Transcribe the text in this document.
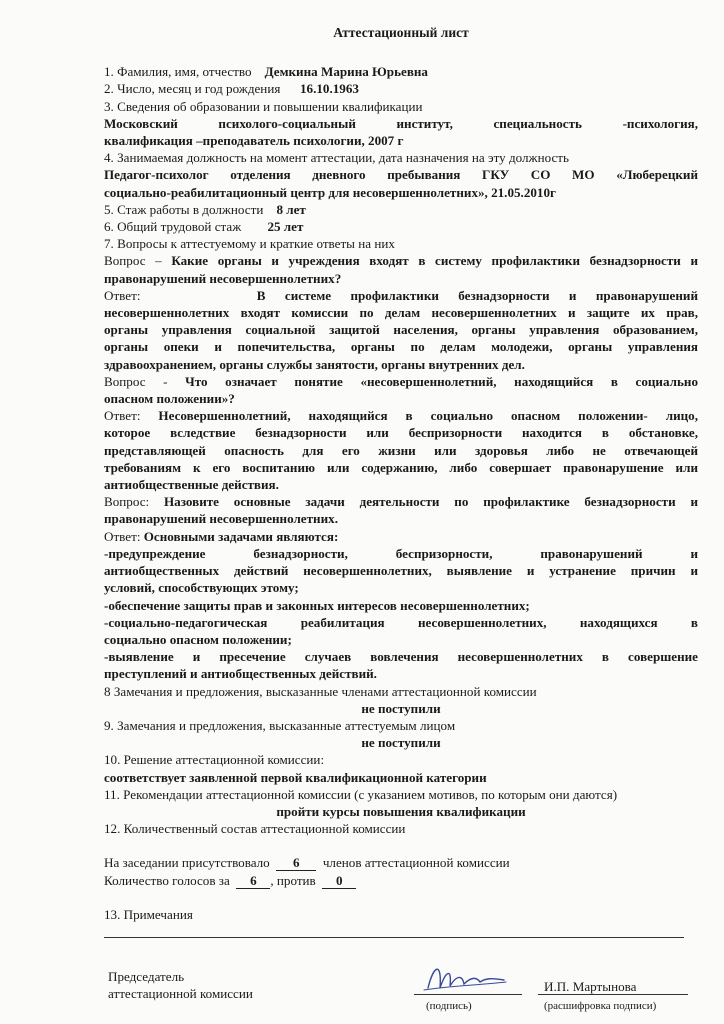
Аттестационный лист
1. Фамилия, имя, отчество Демкина Марина Юрьевна
2. Число, месяц и год рождения 16.10.1963
3. Сведения об образовании и повышении квалификации
Московский психолого-социальный институт, специальность -психология,
квалификация –преподаватель психологии, 2007 г
4. Занимаемая должность на момент аттестации, дата назначения на эту должность
Педагог-психолог отделения дневного пребывания ГКУ СО МО «Люберецкий
социально-реабилитационный центр для несовершеннолетних», 21.05.2010г
5. Стаж работы в должности 8 лет
6. Общий трудовой стаж 25 лет
7. Вопросы к аттестуемому и краткие ответы на них
Вопрос – Какие органы и учреждения входят в систему профилактики безнадзорности и
правонарушений несовершеннолетних?
Ответ:	В системе профилактики безнадзорности и правонарушений
несовершеннолетних входят комиссии по делам несовершеннолетних и защите их прав,
органы управления социальной защитой населения, органы управления образованием,
органы опеки и попечительства, органы по делам молодежи, органы управления
здравоохранением, органы службы занятости, органы внутренних дел.
Вопрос - Что означает понятие «несовершеннолетний, находящийся в социально
опасном положении»?
Ответ: Несовершеннолетний, находящийся в социально опасном положении- лицо,
которое вследствие безнадзорности или беспризорности находится в обстановке,
представляющей опасность для его жизни или здоровья либо не отвечающей
требованиям к его воспитанию или содержанию, либо совершает правонарушение или
антиобщественные действия.
Вопрос: Назовите основные задачи деятельности по профилактике безнадзорности и
правонарушений несовершеннолетних.
Ответ: Основными задачами являются:
-предупреждение безнадзорности, беспризорности, правонарушений и
антиобщественных действий несовершеннолетних, выявление и устранение причин и
условий, способствующих этому;
-обеспечение защиты прав и законных интересов несовершеннолетних;
-социально-педагогическая реабилитация несовершеннолетних, находящихся в
социально опасном положении;
-выявление и пресечение случаев вовлечения несовершеннолетних в совершение
преступлений и антиобщественных действий.
8 Замечания и предложения, высказанные членами аттестационной комиссии
не поступили
9. Замечания и предложения, высказанные аттестуемым лицом
не поступили
10. Решение аттестационной комиссии:
соответствует заявленной первой квалификационной категории
11. Рекомендации аттестационной комиссии (с указанием мотивов, по которым они даются)
пройти курсы повышения квалификации
12. Количественный состав аттестационной комиссии
На заседании присутствовало 6 членов аттестационной комиссии
Количество голосов за 6 , против 0
13. Примечания
Председатель
аттестационной комиссии
(подпись)
И.П. Мартынова
(расшифровка подписи)
